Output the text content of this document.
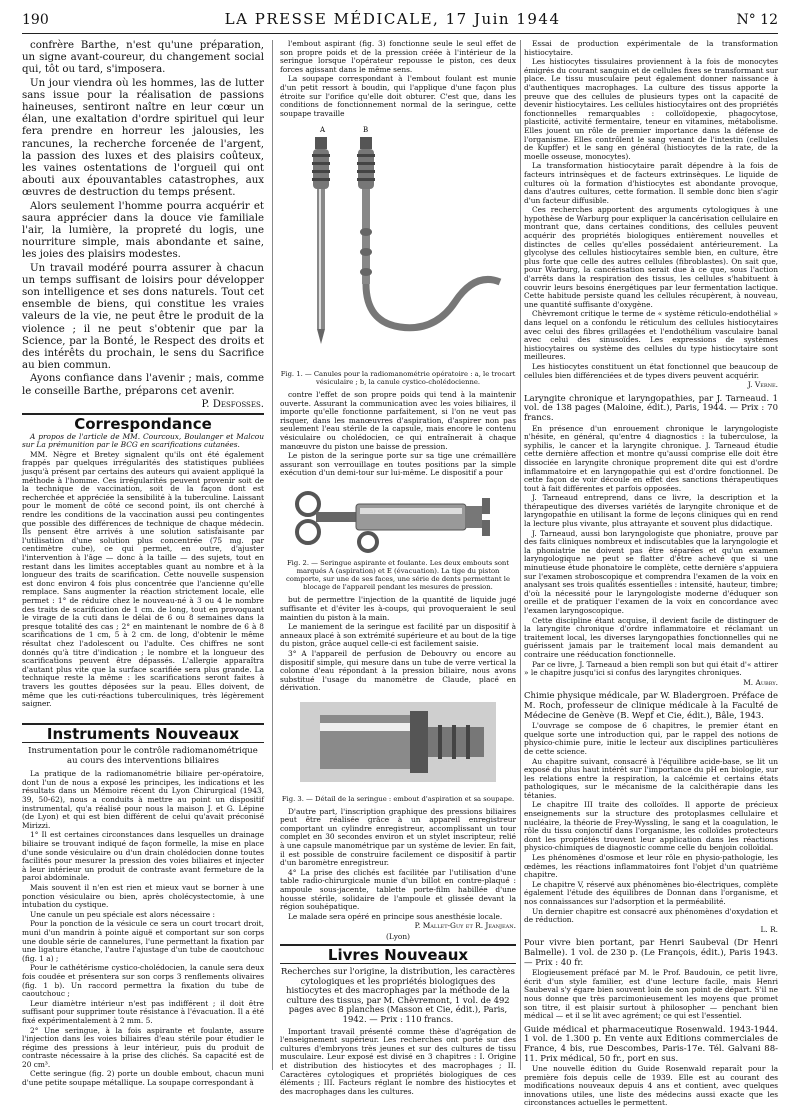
190	LA PRESSE MÉDICALE, 17 Juin 1944	N° 12

confrère Barthe, n'est qu'une préparation, un signe avant-coureur, du changement social qui, tôt ou tard, s'imposera.

Un jour viendra où les hommes, las de lutter sans issue pour la réalisation de passions haineuses, sentiront naître en leur cœur un élan, une exaltation d'ordre spirituel qui leur fera prendre en horreur les jalousies, les rancunes, la recherche forcenée de l'argent, la passion des luxes et des plaisirs coûteux, les vaines ostentations de l'orgueil qui ont abouti aux épouvantables catastrophes, aux œuvres de destruction du temps présent.

Alors seulement l'homme pourra acquérir et saura apprécier dans la douce vie familiale l'air, la lumière, la propreté du logis, une nourriture simple, mais abondante et saine, les joies des plaisirs modestes.

Un travail modéré pourra assurer à chacun un temps suffisant de loisirs pour développer son intelligence et ses dons naturels. Tout cet ensemble de biens, qui constitue les vraies valeurs de la vie, ne peut être le produit de la violence ; il ne peut s'obtenir que par la Science, par la Bonté, le Respect des droits et des intérêts du prochain, le sens du Sacrifice au bien commun.

Ayons confiance dans l'avenir ; mais, comme le conseille Barthe, préparons cet avenir.

P. Desfosses.

Correspondance

A propos de l'article de MM. Courcoux, Boulanger et Malcou sur La prémunition par le BCG en scarifications cutanées.

MM. Nègre et Bretey signalent qu'ils ont été également frappés par quelques irrégularités des statistiques publiées jusqu'à présent par certains des auteurs qui avaient appliqué la méthode à l'homme. Ces irrégularités peuvent provenir soit de la technique de vaccination, soit de la façon dont est recherchée et appréciée la sensibilité à la tuberculine. Laissant pour le moment de côté ce second point, ils ont cherché à rendre les conditions de la vaccination aussi peu contingentes que possible des différences de technique de chaque médecin. Ils pensent être arrivés à une solution satisfaisante par l'utilisation d'une solution plus concentrée (75 mg. par centimètre cube), ce qui permet, en outre, d'ajuster l'intervention à l'âge — donc à la taille — des sujets, tout en restant dans les limites acceptables quant au nombre et à la longueur des traits de scarification. Cette nouvelle suspension est donc environ 4 fois plus concentrée que l'ancienne qu'elle remplace. Sans augmenter la réaction strictement locale, elle permet : 1° de réduire chez le nouveau-né à 3 ou 4 le nombre des traits de scarification de 1 cm. de long, tout en provoquant le virage de la cuti dans le délai de 6 ou 8 semaines dans la presque totalité des cas ; 2° en maintenant le nombre de 6 à 8 scarifications de 1 cm, 5 à 2 cm. de long, d'obtenir le même résultat chez l'adolescent ou l'adulte. Ces chiffres ne sont donnés qu'à titre d'indication ; le nombre et la longueur des scarifications peuvent être dépassés. L'allergie apparaîtra d'autant plus vite que la surface scarifiée sera plus grande. La technique reste la même : les scarifications seront faites à travers les gouttes déposées sur la peau. Elles doivent, de même que les cuti-réactions tuberculiniques, très légèrement saigner.

Instruments Nouveaux
Instrumentation pour le contrôle radiomanométrique au cours des interventions biliaires

La pratique de la radiomanométrie biliaire per-opératoire, dont l'un de nous a exposé les principes, les indications et les résultats dans un Mémoire récent du Lyon Chirurgical (1943, 39, 50-62), nous a conduits à mettre au point un dispositif instrumental, qu'a réalisé pour nous la maison J. et G. Lépine (de Lyon) et qui est bien différent de celui qu'avait préconisé Mirizzi.

1° Il est certaines circonstances dans lesquelles un drainage biliaire se trouvant indiqué de façon formelle, la mise en place d'une sonde vésiculaire ou d'un drain cholédocien donne toutes facilités pour mesurer la pression des voies biliaires et injecter à leur intérieur un produit de contraste avant fermeture de la paroi abdominale.

Mais souvent il n'en est rien et mieux vaut se borner à une ponction vésiculaire ou bien, après cholécystectomie, à une intubation du cystique.

Une canule un peu spéciale est alors nécessaire :

Pour la ponction de la vésicule ce sera un court trocart droit, muni d'un mandrin à pointe aiguë et comportant sur son corps une double série de cannelures, l'une permettant la fixation par une ligature étanche, l'autre l'ajustage d'un tube de caoutchouc (fig. 1 a) ;

Pour le cathétérisme cystico-cholédocien, la canule sera deux fois coudée et présentera sur son corps 3 renflements olivaires (fig. 1 b). Un raccord permettra la fixation du tube de caoutchouc ;

Leur diamètre intérieur n'est pas indifférent ; il doit être suffisant pour supprimer toute résistance à l'évacuation. Il a été fixé expérimentalement à 2 mm. 5.

2° Une seringue, à la fois aspirante et foulante, assure l'injection dans les voies biliaires d'eau stérile pour étudier le régime des pressions à leur intérieur, puis du produit de contraste nécessaire à la prise des clichés. Sa capacité est de 20 cm³.

Cette seringue (fig. 2) porte un double embout, chacun muni d'une petite soupape métallique. La soupape correspondant à

l'embout aspirant (fig. 3) fonctionne seule le seul effet de son propre poids et de la pression créée à l'intérieur de la seringue lorsque l'opérateur repousse le piston, ces deux forces agissant dans le même sens.

La soupape correspondant à l'embout foulant est munie d'un petit ressort à boudin, qui l'applique d'une façon plus étroite sur l'orifice qu'elle doit obturer. C'est que, dans les conditions de fonctionnement normal de la seringue, cette soupape travaille

A	B
Fig. 1. — Canules pour la radiomanométrie opératoire : a, le trocart vésiculaire ; b, la canule cystico-cholédocienne.

contre l'effet de son propre poids qui tend à la maintenir ouverte. Assurant la communication avec les voies biliaires, il importe qu'elle fonctionne parfaitement, si l'on ne veut pas risquer, dans les manœuvres d'aspiration, d'aspirer non pas seulement l'eau stérile de la capsule, mais encore le contenu vésiculaire ou cholédocien, ce qui entraînerait à chaque manœuvre du piston une baisse de pression.

Le piston de la seringue porte sur sa tige une crémaillère assurant son verrouillage en toutes positions par la simple exécution d'un demi-tour sur lui-même. Le dispositif a pour

Fig. 2. — Seringue aspirante et foulante. Les deux embouts sont marqués A (aspiration) et E (évacuation). La tige du piston comporte, sur une de ses faces, une série de dents permettant le blocage de l'appareil pendant les mesures de pression.

but de permettre l'injection de la quantité de liquide jugé suffisante et d'éviter les à-coups, qui provoqueraient le seul maintien du piston à la main.

Le maniement de la seringue est facilité par un dispositif à anneaux placé à son extrémité supérieure et au bout de la tige du piston, grâce auquel celle-ci est facilement saisie.

3° A l'appareil de perfusion de Debouvry ou encore au dispositif simple, qui mesure dans un tube de verre vertical la colonne d'eau répondant à la pression biliaire, nous avons substitué l'usage du manomètre de Claude, placé en dérivation.

Fig. 3. — Détail de la seringue : embout d'aspiration et sa soupape.

D'autre part, l'inscription graphique des pressions biliaires peut être réalisée grâce à un appareil enregistreur comportant un cylindre enregistreur, accomplissant un tour complet en 30 secondes environ et un stylet inscripteur, relié à une capsule manométrique par un système de levier. En fait, il est possible de construire facilement ce dispositif à partir d'un baromètre enregistreur.

4° La prise des clichés est facilitée par l'utilisation d'une table radio-chirurgicale munie d'un billot en contre-plaqué : ampoule sous-jacente, tablette porte-film habillée d'une housse stérile, solidaire de l'ampoule et glissée devant la région souhépatique.

Le malade sera opéré en principe sous anesthésie locale.

P. Mallet-Guy et R. Jeanjean.

(Lyon)

Livres Nouveaux
Recherches sur l'origine, la distribution, les caractères cytologiques et les propriétés biologiques des histiocytes et des macrophages par la méthode de la culture des tissus, par M. Chèvremont, 1 vol. de 492 pages avec 8 planches (Masson et Cie, édit.), Paris, 1942. — Prix : 110 francs.

Important travail présenté comme thèse d'agrégation de l'enseignement supérieur. Les recherches ont porté sur des cultures d'embryons très jeunes et sur des cultures de tissu musculaire. Leur exposé est divisé en 3 chapitres : I. Origine et distribution des histiocytes et des macrophages ; II. Caractères cytologiques et propriétés biologiques de ces éléments ; III. Facteurs réglant le nombre des histiocytes et des macrophages dans les cultures.

Essai de production expérimentale de la transformation histiocytaire.

Les histiocytes tissulaires proviennent à la fois de monocytes émigrés du courant sanguin et de cellules fixes se transformant sur place. Le tissu musculaire peut également donner naissance à d'authentiques macrophages. La culture des tissus apporte la preuve que des cellules de plusieurs types ont la capacité de devenir histiocytaires. Les cellules histiocytaires ont des propriétés fonctionnelles remarquables : colloïdopexie, phagocytose, plasticité, activité fermentaire, teneur en vitamines, métabolisme. Elles jouent un rôle de premier importance dans la défense de l'organisme. Elles contrôlent le sang venant de l'intestin (cellules de Kupffer) et le sang en général (histiocytes de la rate, de la moelle osseuse, monocytes).

La transformation histiocytaire paraît dépendre à la fois de facteurs intrinsèques et de facteurs extrinsèques. Le liquide de cultures où la formation d'histiocytes est abondante provoque, dans d'autres cultures, cette formation. Il semble donc bien s'agir d'un facteur diffusible.

Ces recherches apportent des arguments cytologiques à une hypothèse de Warburg pour expliquer la cancérisation cellulaire en montrant que, dans certaines conditions, des cellules peuvent acquérir des propriétés biologiques entièrement nouvelles et distinctes de celles qu'elles possédaient antérieurement. La glycolyse des cellules histiocytaires semble bien, en culture, être plus forte que celle des autres cellules (fibroblastes). On sait que, pour Warburg, la cancérisation serait due à ce que, sous l'action d'arrêts dans la respiration des tissus, les cellules s'habituent à couvrir leurs besoins énergétiques par leur fermentation lactique. Cette habitude persiste quand les cellules récupèrent, à nouveau, une quantité suffisante d'oxygène.

Chèvremont critique le terme de « système réticulo-endothélial » dans lequel on a confondu le réticulum des cellules histiocytaires avec celui des fibres grillagées et l'endothélium vasculaire banal avec celui des sinusoïdes. Les expressions de systèmes histiocytaires ou système des cellules du type histiocytaire sont meilleures.

Les histiocytes constituent un état fonctionnel que beaucoup de cellules bien différenciées et de types divers peuvent acquérir.

J. Verne.

Laryngite chronique et laryngopathies, par J. Tarneaud. 1 vol. de 138 pages (Maloine, édit.), Paris, 1944. — Prix : 70 francs.

En présence d'un enrouement chronique le laryngologiste n'hésite, en général, qu'entre 4 diagnostics : la tuberculose, la syphilis, le cancer et la laryngite chronique. J. Tarneaud étudie cette dernière affection et montre qu'aussi comprise elle doit être dissociée en laryngite chronique proprement dite qui est d'ordre inflammatoire et en laryngopathie qui est d'ordre fonctionnel. De cette façon de voir découle en effet des sanctions thérapeutiques tout à fait différentes et parfois opposées.

J. Tarneaud entreprend, dans ce livre, la description et la thérapeutique des diverses variétés de laryngite chronique et de laryngopathie en utilisant la forme de leçons cliniques qui en rend la lecture plus vivante, plus attrayante et souvent plus didactique.

J. Tarneaud, aussi bon laryngologiste que phoniatre, prouve par des faits cliniques nombreux et indiscutables que la laryngologie et la phoniatrie ne doivent pas être séparées et qu'un examen laryngologique ne peut se flatter d'être achevé que si une minutieuse étude phonatoire le complète, cette dernière s'appuiera sur l'examen stroboscopique et comprendra l'examen de la voix en analysant ses trois qualités essentielles : intensité, hauteur, timbre; d'où la nécessité pour le laryngologiste moderne d'éduquer son oreille et de pratiquer l'examen de la voix en concordance avec l'examen laryngoscopique.

Cette discipline étant acquise, il devient facile de distinguer de la laryngite chronique d'ordre inflammatoire et réclamant un traitement local, les diverses laryngopathies fonctionnelles qui ne guérissent jamais par le traitement local mais demandent au contraire une rééducation fonctionnelle.

Par ce livre, J. Tarneaud a bien rempli son but qui était d'« attirer » le chapitre jusqu'ici si confus des laryngites chroniques.

M. Aubry.

Chimie physique médicale, par W. Bladergroen. Préface de M. Roch, professeur de clinique médicale à la Faculté de Médecine de Genève (B. Wepf et Cie, édit.), Bâle, 1943.

L'ouvrage se compose de 6 chapitres, le premier étant en quelque sorte une introduction qui, par le rappel des notions de physico-chimie pure, initie le lecteur aux disciplines particulières de cette science.

Au chapitre suivant, consacré à l'équilibre acide-base, se lit un exposé du plus haut intérêt sur l'importance du pH en biologie, sur les relations entre la respiration, la calcémie et certains états pathologiques, sur le mécanisme de la calcithérapie dans les tétanies.

Le chapitre III traite des colloïdes. Il apporte de précieux enseignements sur la structure des protoplasmes cellulaire et nucléaire, la théorie de Frey-Wyssling, le sang et la coagulation, le rôle du tissu conjonctif dans l'organisme, les colloïdes protecteurs dont les propriétés trouvent leur application dans les réactions physico-chimiques de diagnostic comme celle du benjoin colloïdal.

Les phénomènes d'osmose et leur rôle en physio-pathologie, les œdèmes, les réactions inflammatoires font l'objet d'un quatrième chapitre.

Le chapitre V, réservé aux phénomènes bio-électriques, complète également l'étude des équilibres de Donnan dans l'organisme, et nos connaissances sur l'adsorption et la perméabilité.

Un dernier chapitre est consacré aux phénomènes d'oxydation et de réduction.

L. R.

Pour vivre bien portant, par Henri Saubeval (Dr Henri Balmelle). 1 vol. de 230 p. (Le François, édit.), Paris 1943. — Prix : 40 fr.

Elogieusement préfacé par M. le Prof. Baudouin, ce petit livre, écrit d'un style familier, est d'une lecture facile, mais Henri Saubeval s'y égare bien souvent loin de son point de départ. S'il ne nous donne que très parcimonieusement les moyens que promet son titre, il est plaisir surtout à philosopher — penchant bien médical — et il se lit avec agrément; ce qui est l'essentiel.

Guide médical et pharmaceutique Rosenwald. 1943-1944. 1 vol. de 1.300 p. En vente aux Editions commerciales de France, 4 bis, rue Descombes, Paris-17e. Tél. Galvani 88-11. Prix médical, 50 fr., port en sus.

Une nouvelle édition du Guide Rosenwald reparaît pour la première fois depuis celle de 1939. Elle est au courant des modifications nouveaux depuis 4 ans et contient, avec quelques innovations utiles, une liste des médecins aussi exacte que les circonstances actuelles le permettent.
